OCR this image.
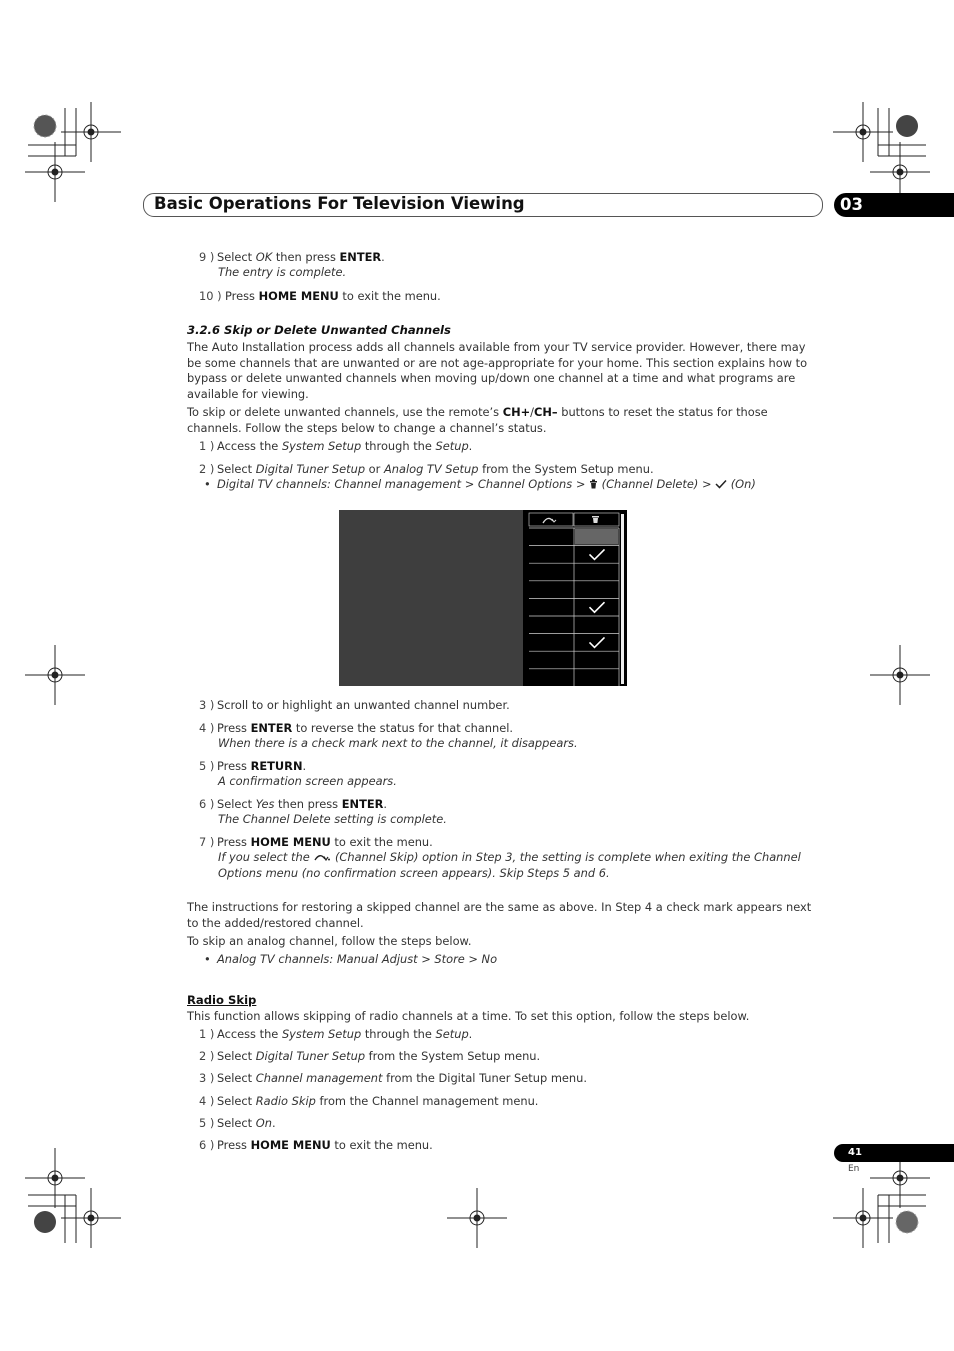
Basic Operations For Television Viewing	03
9 ) Select OK then press ENTER.
The entry is complete.
10 ) Press HOME MENU to exit the menu.
3.2.6 Skip or Delete Unwanted Channels
The Auto Installation process adds all channels available from your TV service provider. However, there may be some channels that are unwanted or are not age-appropriate for your home. This section explains how to bypass or delete unwanted channels when moving up/down one channel at a time and what programs are available for viewing.
To skip or delete unwanted channels, use the remote’s CH+/CH– buttons to reset the status for those channels. Follow the steps below to change a channel’s status.
1 ) Access the System Setup through the Setup.
2 ) Select Digital Tuner Setup or Analog TV Setup from the System Setup menu.
• Digital TV channels: Channel management > Channel Options >  (Channel Delete) >  (On)
3 ) Scroll to or highlight an unwanted channel number.
4 ) Press ENTER to reverse the status for that channel.
When there is a check mark next to the channel, it disappears.
5 ) Press RETURN.
A confirmation screen appears.
6 ) Select Yes then press ENTER.
The Channel Delete setting is complete.
7 ) Press HOME MENU to exit the menu.
If you select the  (Channel Skip) option in Step 3, the setting is complete when exiting the Channel
Options menu (no confirmation screen appears). Skip Steps 5 and 6.
The instructions for restoring a skipped channel are the same as above. In Step 4 a check mark appears next to the added/restored channel.
To skip an analog channel, follow the steps below.
• Analog TV channels: Manual Adjust > Store > No
Radio Skip
This function allows skipping of radio channels at a time. To set this option, follow the steps below.
1 ) Access the System Setup through the Setup.
2 ) Select Digital Tuner Setup from the System Setup menu.
3 ) Select Channel management from the Digital Tuner Setup menu.
4 ) Select Radio Skip from the Channel management menu.
5 ) Select On.
6 ) Press HOME MENU to exit the menu.
41
En
